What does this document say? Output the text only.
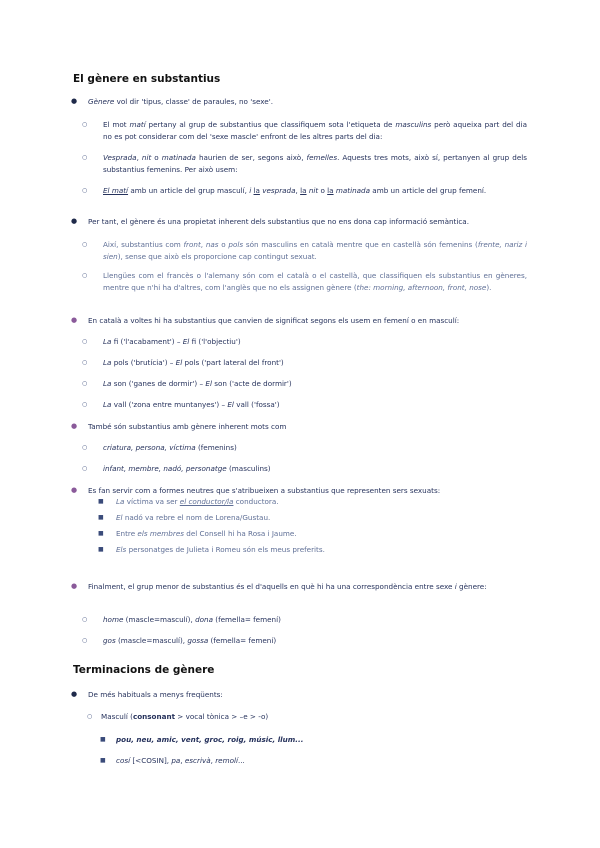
El gènere en substantius
● Gènere vol dir 'tipus, classe' de paraules, no 'sexe'.
○ El mot matí pertany al grup de substantius que classifiquem sota l'etiqueta de masculins però aqueixa part del dia no es pot considerar com del 'sexe mascle' enfront de les altres parts del dia:
○ Vesprada, nit o matinada haurien de ser, segons això, femelles. Aquests tres mots, això sí, pertanyen al grup dels substantius femenins. Per això usem:
○ El matí amb un article del grup masculí, i la vesprada, la nit o la matinada amb un article del grup femení.
● Per tant, el gènere és una propietat inherent dels substantius que no ens dona cap informació semàntica.
○ Així, substantius com front, nas o pols són masculins en català mentre que en castellà són femenins (frente, nariz i sien), sense que això els proporcione cap contingut sexuat.
○ Llengües com el francès o l'alemany són com el català o el castellà, que classifiquen els substantius en gèneres, mentre que n'hi ha d'altres, com l'anglès que no els assignen gènere (the: morning, afternoon, front, nose).
● En català a voltes hi ha substantius que canvien de significat segons els usem en femení o en masculí:
○ La fi ('l'acabament') – El fi ('l'objectiu')
○ La pols ('brutícia') – El pols ('part lateral del front')
○ La son ('ganes de dormir') – El son ('acte de dormir')
○ La vall ('zona entre muntanyes') – El vall ('fossa')
● També són substantius amb gènere inherent mots com
○ criatura, persona, víctima (femenins)
○ infant, membre, nadó, personatge (masculins)
● Es fan servir com a formes neutres que s'atribueixen a substantius que representen sers sexuats:
■ La víctima va ser el conductor/la conductora.
■ El nadó va rebre el nom de Lorena/Gustau.
■ Entre els membres del Consell hi ha Rosa i Jaume.
■ Els personatges de Julieta i Romeu són els meus preferits.
● Finalment, el grup menor de substantius és el d'aquells en què hi ha una correspondència entre sexe i gènere:
○ home (mascle=masculí), dona (femella= femení)
○ gos (mascle=masculí), gossa (femella= femení)
Terminacions de gènere
● De més habituals a menys freqüents:
○ Masculí (consonant > vocal tònica > –e > -o)
■ pou, neu, amic, vent, groc, roig, músic, llum...
■ cosí [<COSIN], pa, escrivà, remolí...
